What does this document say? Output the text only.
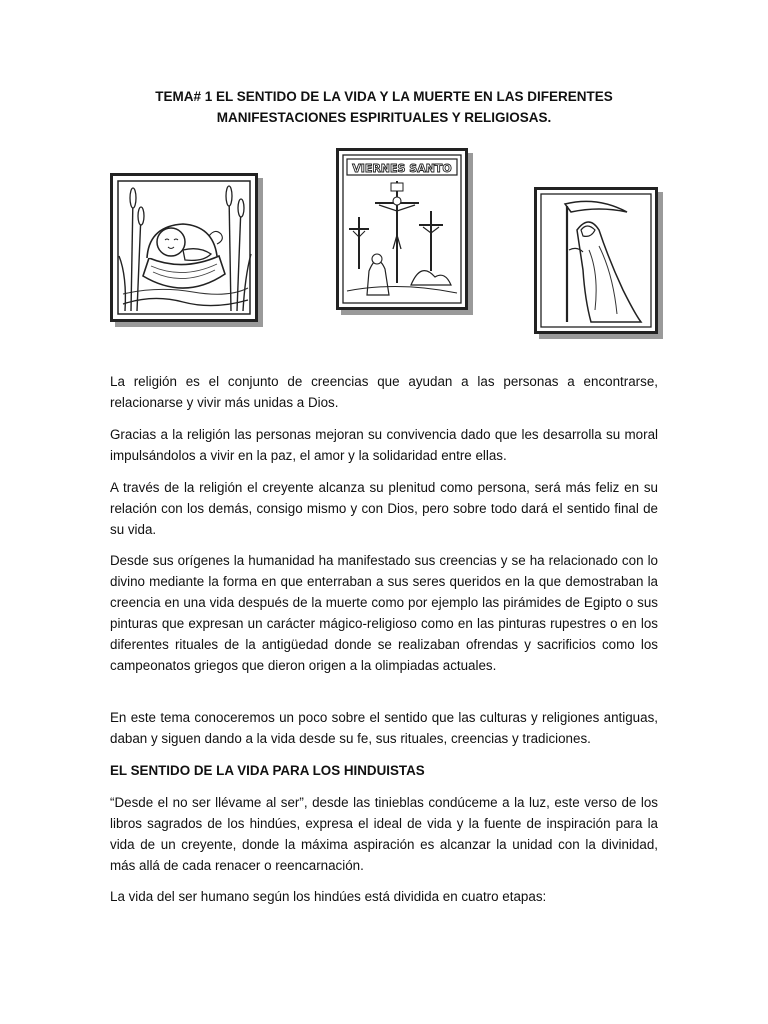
TEMA# 1 EL SENTIDO DE LA VIDA Y LA MUERTE EN LAS DIFERENTES
MANIFESTACIONES ESPIRITUALES Y RELIGIOSAS.
VIERNES SANTO

La religión es el conjunto de creencias que ayudan a las personas a encontrarse, relacionarse y vivir más unidas a Dios.

Gracias a la religión las personas mejoran su convivencia dado que les desarrolla su moral impulsándolos a vivir en la paz, el amor y la solidaridad entre ellas.

A través de la religión el creyente alcanza su plenitud como persona, será más feliz en su relación con los demás, consigo mismo y con Dios, pero sobre todo dará el sentido final de su vida.

Desde sus orígenes la humanidad ha manifestado sus creencias y se ha relacionado con lo divino mediante la forma en que enterraban a sus seres queridos en la que demostraban la creencia en una vida después de la muerte como por ejemplo las pirámides de Egipto o sus pinturas que expresan un carácter mágico-religioso como en las pinturas rupestres o en los diferentes rituales de la antigüedad donde se realizaban ofrendas y sacrificios como los campeonatos griegos que dieron origen a la olimpiadas actuales.

En este tema conoceremos un poco sobre el sentido que las culturas y religiones antiguas, daban y siguen dando a la vida desde su fe, sus rituales, creencias y tradiciones.

EL SENTIDO DE LA VIDA PARA LOS HINDUISTAS

“Desde el no ser llévame al ser”, desde las tinieblas condúceme a la luz, este verso de los libros sagrados de los hindúes, expresa el ideal de vida y la fuente de inspiración para la vida de un creyente, donde la máxima aspiración es alcanzar la unidad con la divinidad, más allá de cada renacer o reencarnación.

La vida del ser humano según los hindúes está dividida en cuatro etapas:
